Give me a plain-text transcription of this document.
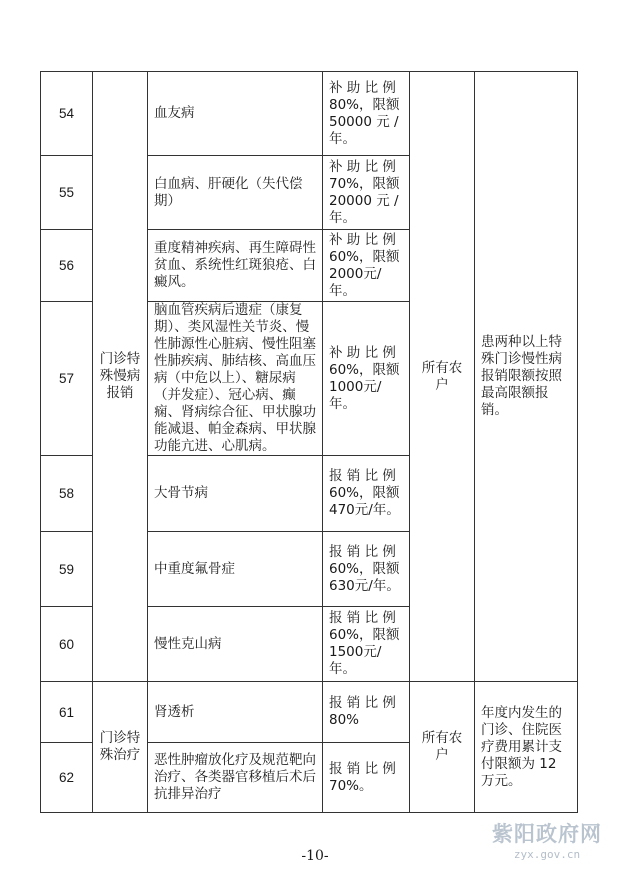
54	门诊特殊慢病报销	血友病	补 助 比 例80%，限额50000 元 /年。	所有农户	患两种以上特殊门诊慢性病报销限额按照最高限额报销。
55		白血病、肝硬化（失代偿期）	补 助 比 例70%，限额20000 元 /年。		
56		重度精神疾病、再生障碍性贫血、系统性红斑狼疮、白癜风。	补 助 比 例60%，限额2000元/年。		
57		脑血管疾病后遗症（康复期）、类风湿性关节炎、慢性肺源性心脏病、慢性阻塞性肺疾病、肺结核、高血压病（中危以上）、糖尿病（并发症）、冠心病、癫痫、肾病综合征、甲状腺功能减退、帕金森病、甲状腺功能亢进、心肌病。	补 助 比 例60%，限额1000元/年。		
58		大骨节病	报 销 比 例60%，限额470元/年。		
59		中重度氟骨症	报 销 比 例60%，限额630元/年。		
60		慢性克山病	报 销 比 例60%，限额1500元/年。		
61	门诊特殊治疗	肾透析	报 销 比 例80%	所有农户	年度内发生的门诊、住院医疗费用累计支付限额为 12 万元。
62		恶性肿瘤放化疗及规范靶向治疗、各类器官移植后术后抗排异治疗	报 销 比 例70%。		
紫阳政府网
zyx.gov.cn
-10-
